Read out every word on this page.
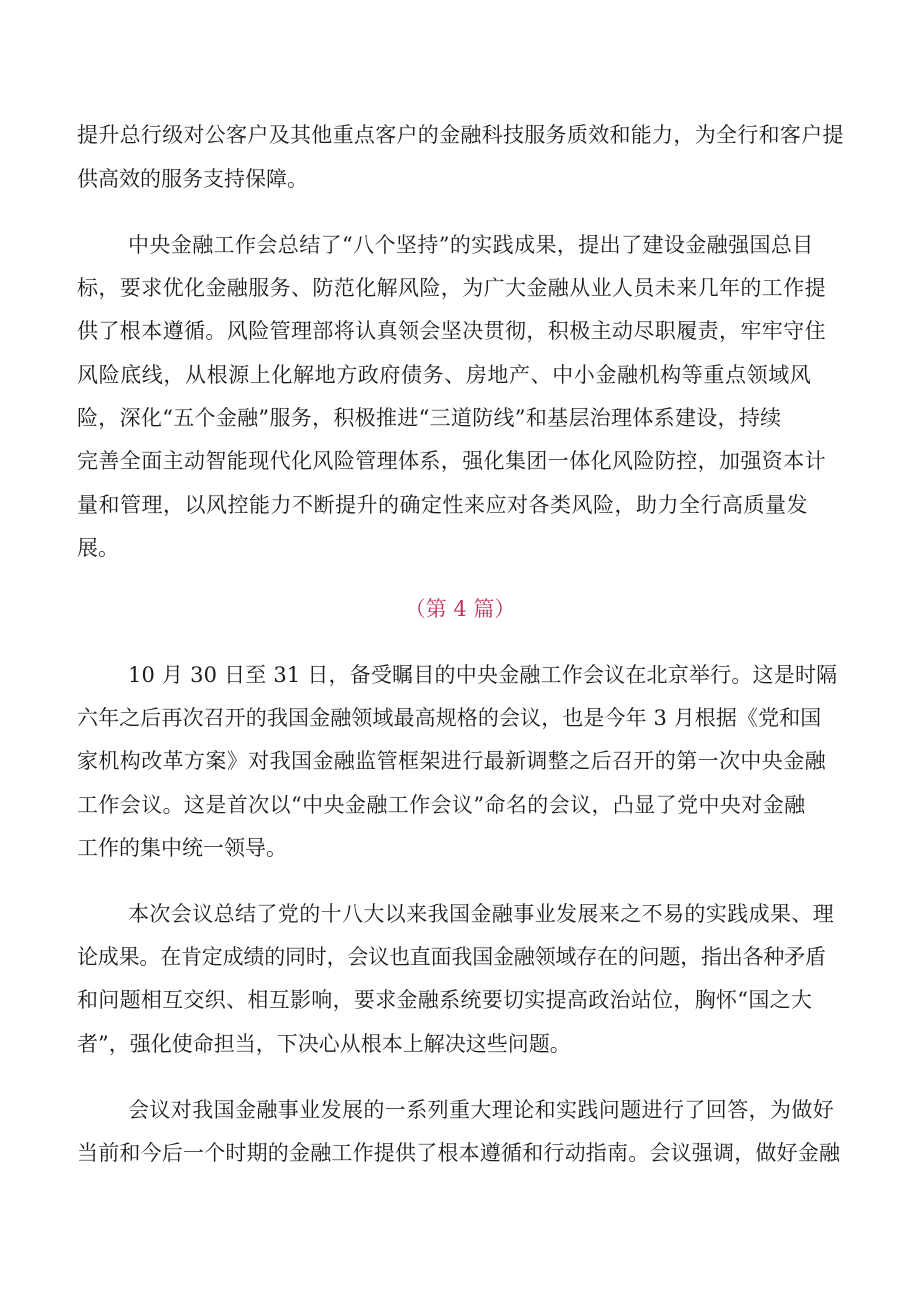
提升总行级对公客户及其他重点客户的金融科技服务质效和能力，为全行和客户提
供高效的服务支持保障。
中央金融工作会总结了“八个坚持”的实践成果，提出了建设金融强国总目
标，要求优化金融服务、防范化解风险，为广大金融从业人员未来几年的工作提
供了根本遵循。风险管理部将认真领会坚决贯彻，积极主动尽职履责，牢牢守住
风险底线，从根源上化解地方政府债务、房地产、中小金融机构等重点领域风
险，深化“五个金融”服务，积极推进“三道防线”和基层治理体系建设，持续
完善全面主动智能现代化风险管理体系，强化集团一体化风险防控，加强资本计
量和管理，以风控能力不断提升的确定性来应对各类风险，助力全行高质量发
展。
（第 4 篇）
10 月 30 日至 31 日，备受瞩目的中央金融工作会议在北京举行。这是时隔
六年之后再次召开的我国金融领域最高规格的会议，也是今年 3 月根据《党和国
家机构改革方案》对我国金融监管框架进行最新调整之后召开的第一次中央金融
工作会议。这是首次以“中央金融工作会议”命名的会议，凸显了党中央对金融
工作的集中统一领导。
本次会议总结了党的十八大以来我国金融事业发展来之不易的实践成果、理
论成果。在肯定成绩的同时，会议也直面我国金融领域存在的问题，指出各种矛盾
和问题相互交织、相互影响，要求金融系统要切实提高政治站位，胸怀“国之大
者”，强化使命担当，下决心从根本上解决这些问题。
会议对我国金融事业发展的一系列重大理论和实践问题进行了回答，为做好
当前和今后一个时期的金融工作提供了根本遵循和行动指南。会议强调，做好金融
